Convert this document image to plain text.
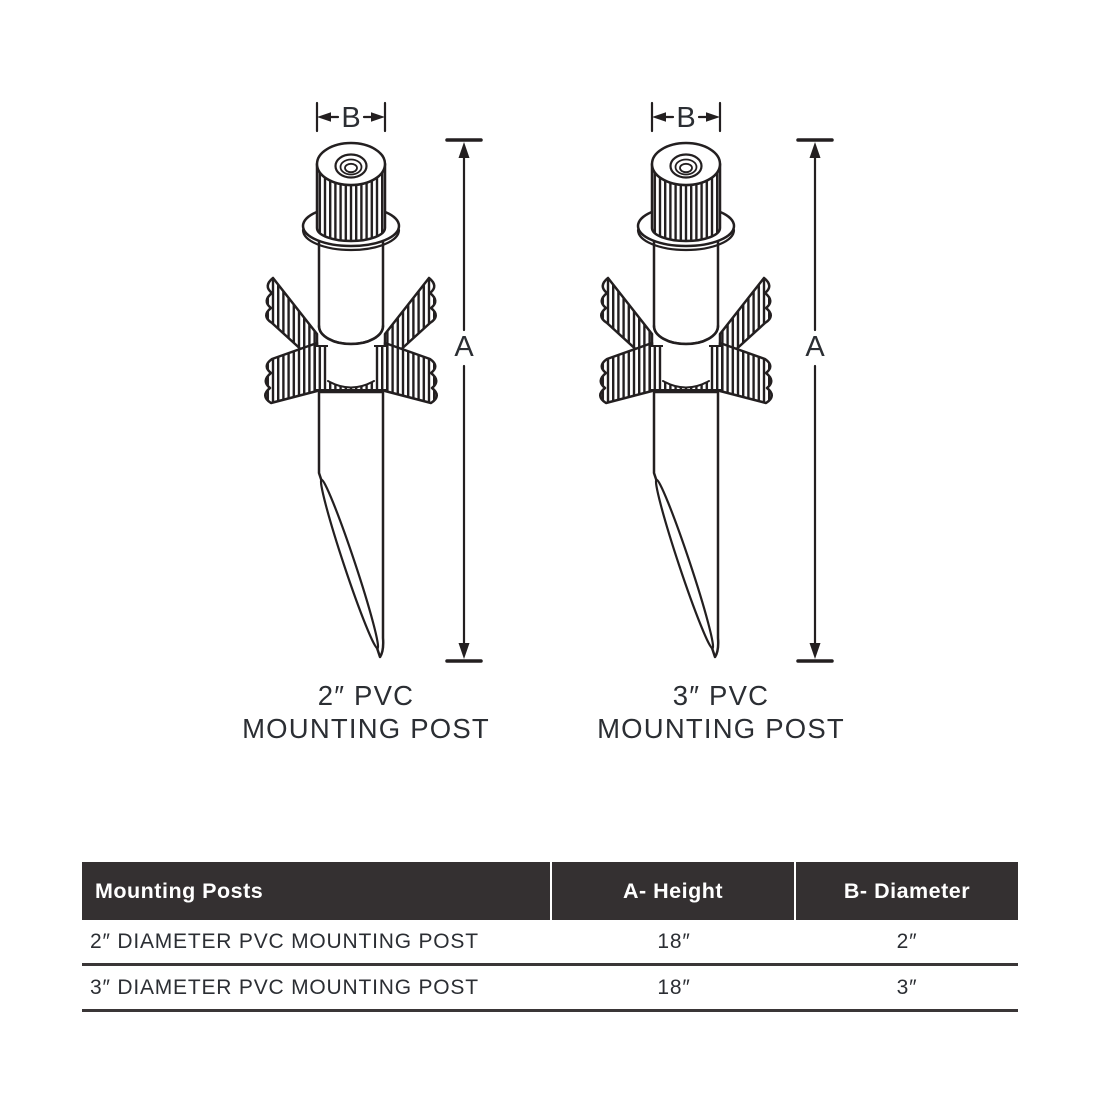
B
A
B
A
2″ PVC
MOUNTING POST
3″ PVC
MOUNTING POST
Mounting Posts	A- Height	B- Diameter
2″ DIAMETER PVC MOUNTING POST	18″	2″
3″ DIAMETER PVC MOUNTING POST	18″	3″
